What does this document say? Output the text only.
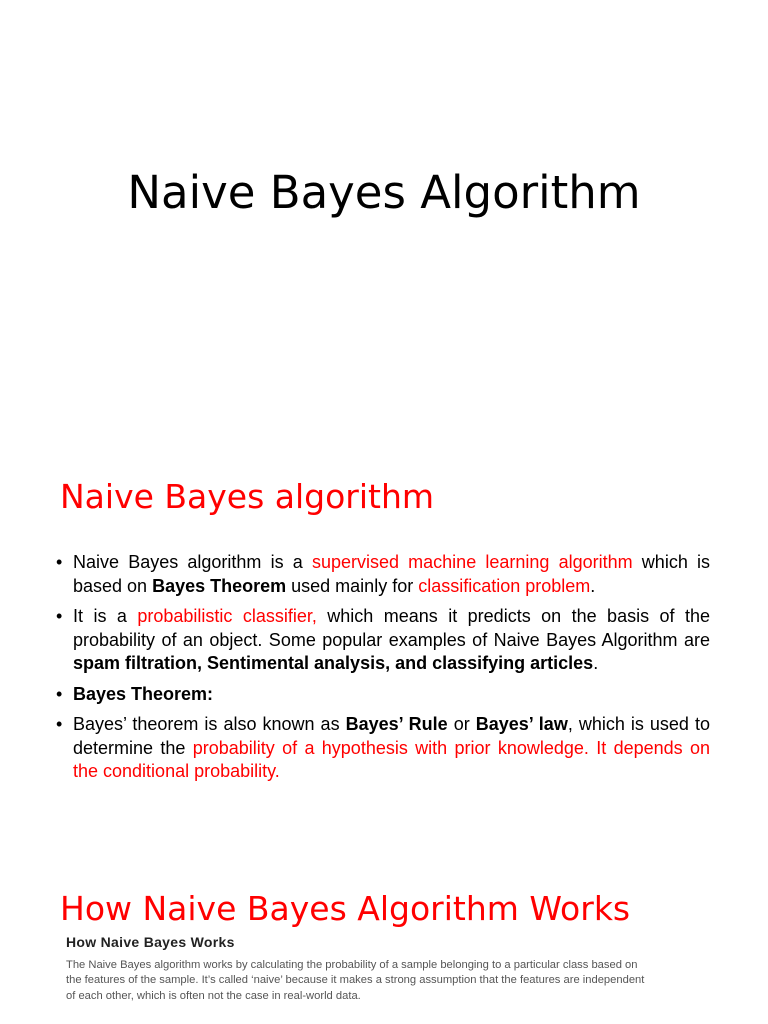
Naive Bayes Algorithm
Naive Bayes algorithm
• Naive Bayes algorithm is a supervised machine learning algorithm which is based on Bayes Theorem used mainly for classification problem.
• It is a probabilistic classifier, which means it predicts on the basis of the probability of an object. Some popular examples of Naive Bayes Algorithm are spam filtration, Sentimental analysis, and classifying articles.
• Bayes Theorem:
• Bayes’ theorem is also known as Bayes’ Rule or Bayes’ law, which is used to determine the probability of a hypothesis with prior knowledge. It depends on the conditional probability.
How Naive Bayes Algorithm Works
How Naive Bayes Works
The Naive Bayes algorithm works by calculating the probability of a sample belonging to a particular class based on the features of the sample. It’s called ‘naive’ because it makes a strong assumption that the features are independent of each other, which is often not the case in real-world data.
